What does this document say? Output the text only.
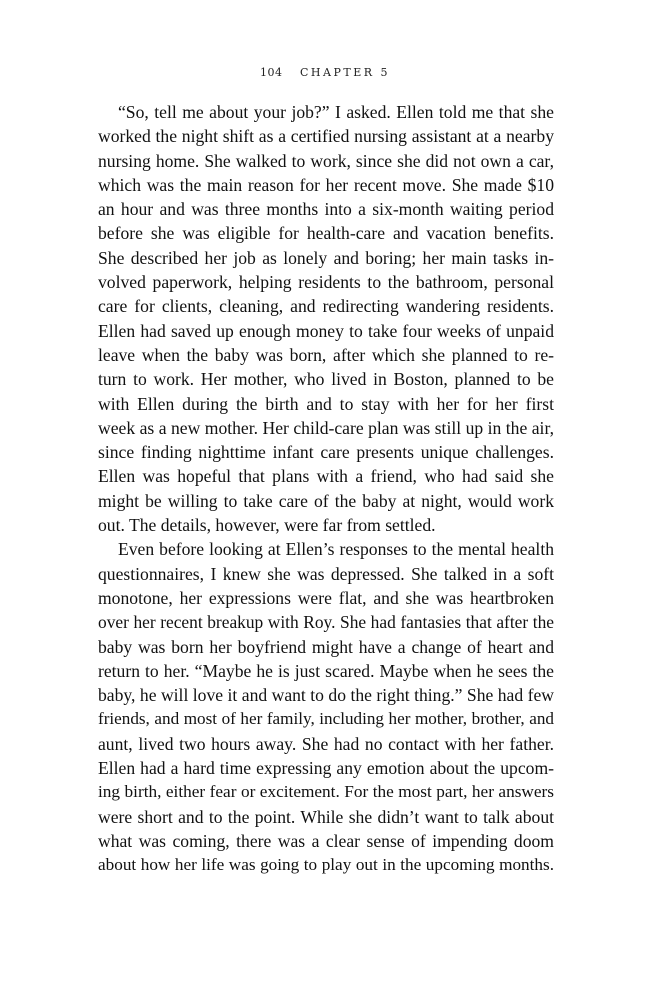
104 CHAPTER 5
“So, tell me about your job?” I asked. Ellen told me that she
worked the night shift as a certified nursing assistant at a nearby
nursing home. She walked to work, since she did not own a car,
which was the main reason for her recent move. She made $10
an hour and was three months into a six-month waiting period
before she was eligible for health-care and vacation benefits.
She described her job as lonely and boring; her main tasks in-
volved paperwork, helping residents to the bathroom, personal
care for clients, cleaning, and redirecting wandering residents.
Ellen had saved up enough money to take four weeks of unpaid
leave when the baby was born, after which she planned to re-
turn to work. Her mother, who lived in Boston, planned to be
with Ellen during the birth and to stay with her for her first
week as a new mother. Her child-care plan was still up in the air,
since finding nighttime infant care presents unique challenges.
Ellen was hopeful that plans with a friend, who had said she
might be willing to take care of the baby at night, would work
out. The details, however, were far from settled.
Even before looking at Ellen’s responses to the mental health
questionnaires, I knew she was depressed. She talked in a soft
monotone, her expressions were flat, and she was heartbroken
over her recent breakup with Roy. She had fantasies that after the
baby was born her boyfriend might have a change of heart and
return to her. “Maybe he is just scared. Maybe when he sees the
baby, he will love it and want to do the right thing.” She had few
friends, and most of her family, including her mother, brother, and
aunt, lived two hours away. She had no contact with her father.
Ellen had a hard time expressing any emotion about the upcom-
ing birth, either fear or excitement. For the most part, her answers
were short and to the point. While she didn’t want to talk about
what was coming, there was a clear sense of impending doom
about how her life was going to play out in the upcoming months.
